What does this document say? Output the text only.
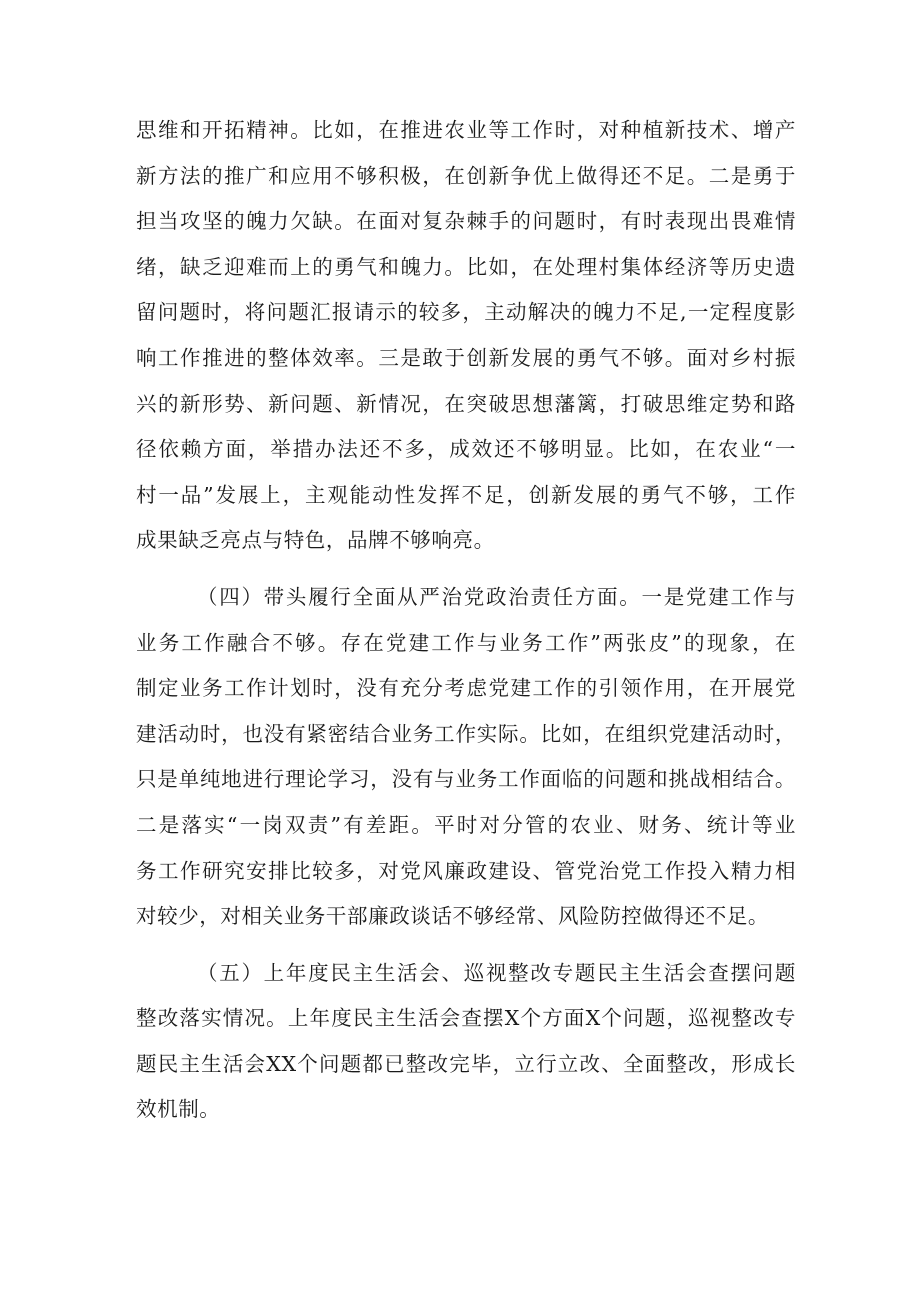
思维和开拓精神。比如，在推进农业等工作时，对种植新技术、增产
新方法的推广和应用不够积极，在创新争优上做得还不足。二是勇于
担当攻坚的魄力欠缺。在面对复杂棘手的问题时，有时表现出畏难情
绪，缺乏迎难而上的勇气和魄力。比如，在处理村集体经济等历史遗
留问题时，将问题汇报请示的较多，主动解决的魄力不足,一定程度影
响工作推进的整体效率。三是敢于创新发展的勇气不够。面对乡村振
兴的新形势、新问题、新情况，在突破思想藩篱，打破思维定势和路
径依赖方面，举措办法还不多，成效还不够明显。比如，在农业“一
村一品”发展上，主观能动性发挥不足，创新发展的勇气不够，工作
成果缺乏亮点与特色，品牌不够响亮。
（四）带头履行全面从严治党政治责任方面。一是党建工作与
业务工作融合不够。存在党建工作与业务工作”两张皮”的现象，在
制定业务工作计划时，没有充分考虑党建工作的引领作用，在开展党
建活动时，也没有紧密结合业务工作实际。比如，在组织党建活动时，
只是单纯地进行理论学习，没有与业务工作面临的问题和挑战相结合。
二是落实“一岗双责”有差距。平时对分管的农业、财务、统计等业
务工作研究安排比较多，对党风廉政建设、管党治党工作投入精力相
对较少，对相关业务干部廉政谈话不够经常、风险防控做得还不足。
（五）上年度民主生活会、巡视整改专题民主生活会查摆问题
整改落实情况。上年度民主生活会查摆X个方面X个问题，巡视整改专
题民主生活会XX个问题都已整改完毕，立行立改、全面整改，形成长
效机制。
